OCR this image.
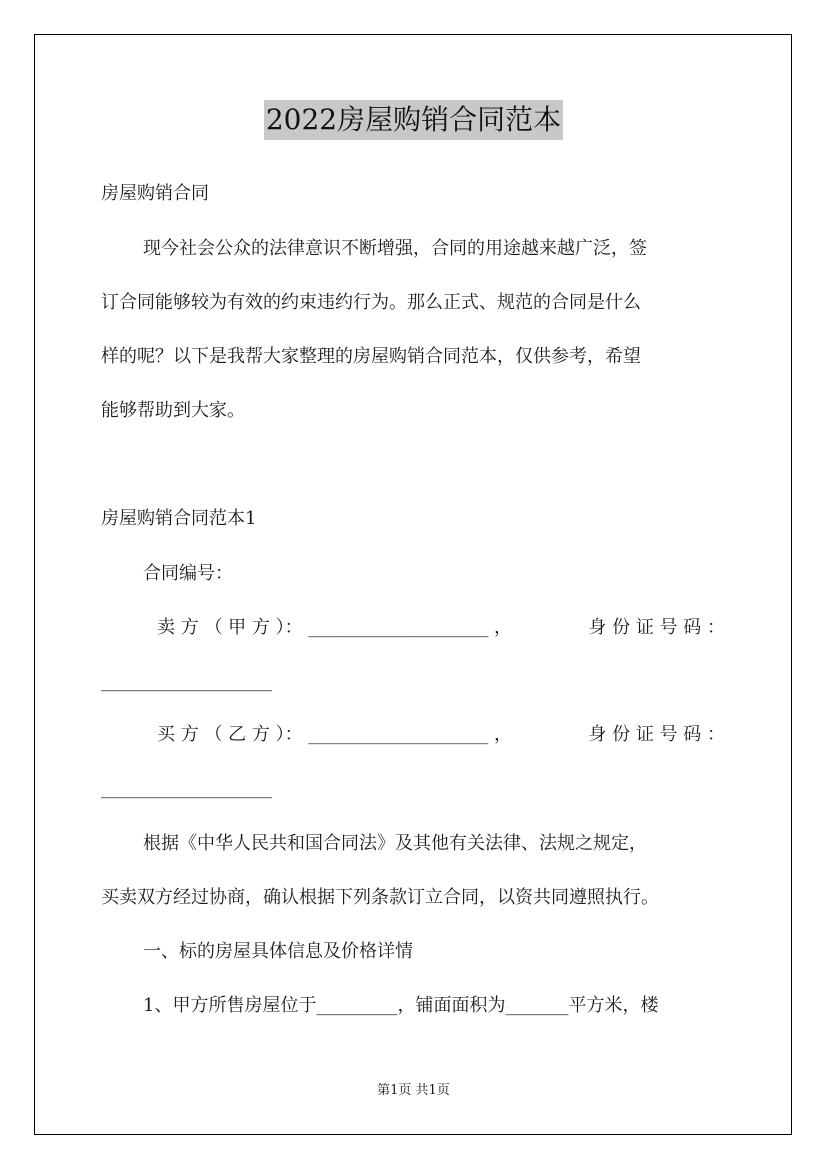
2022房屋购销合同范本
房屋购销合同
现今社会公众的法律意识不断增强，合同的用途越来越广泛，签
订合同能够较为有效的约束违约行为。那么正式、规范的合同是什么
样的呢？以下是我帮大家整理的房屋购销合同范本，仅供参考，希望
能够帮助到大家。
房屋购销合同范本1
合同编号：
卖 方 （ 甲 方 ）： ____________________ ，	身 份 证 号 码 ：
___________________
买 方 （ 乙 方 ）： ____________________ ，	身 份 证 号 码 ：
___________________
根据《中华人民共和国合同法》及其他有关法律、法规之规定，
买卖双方经过协商，确认根据下列条款订立合同，以资共同遵照执行。
一、标的房屋具体信息及价格详情
1、甲方所售房屋位于_________，铺面面积为_______平方米，楼
第1页 共1页
